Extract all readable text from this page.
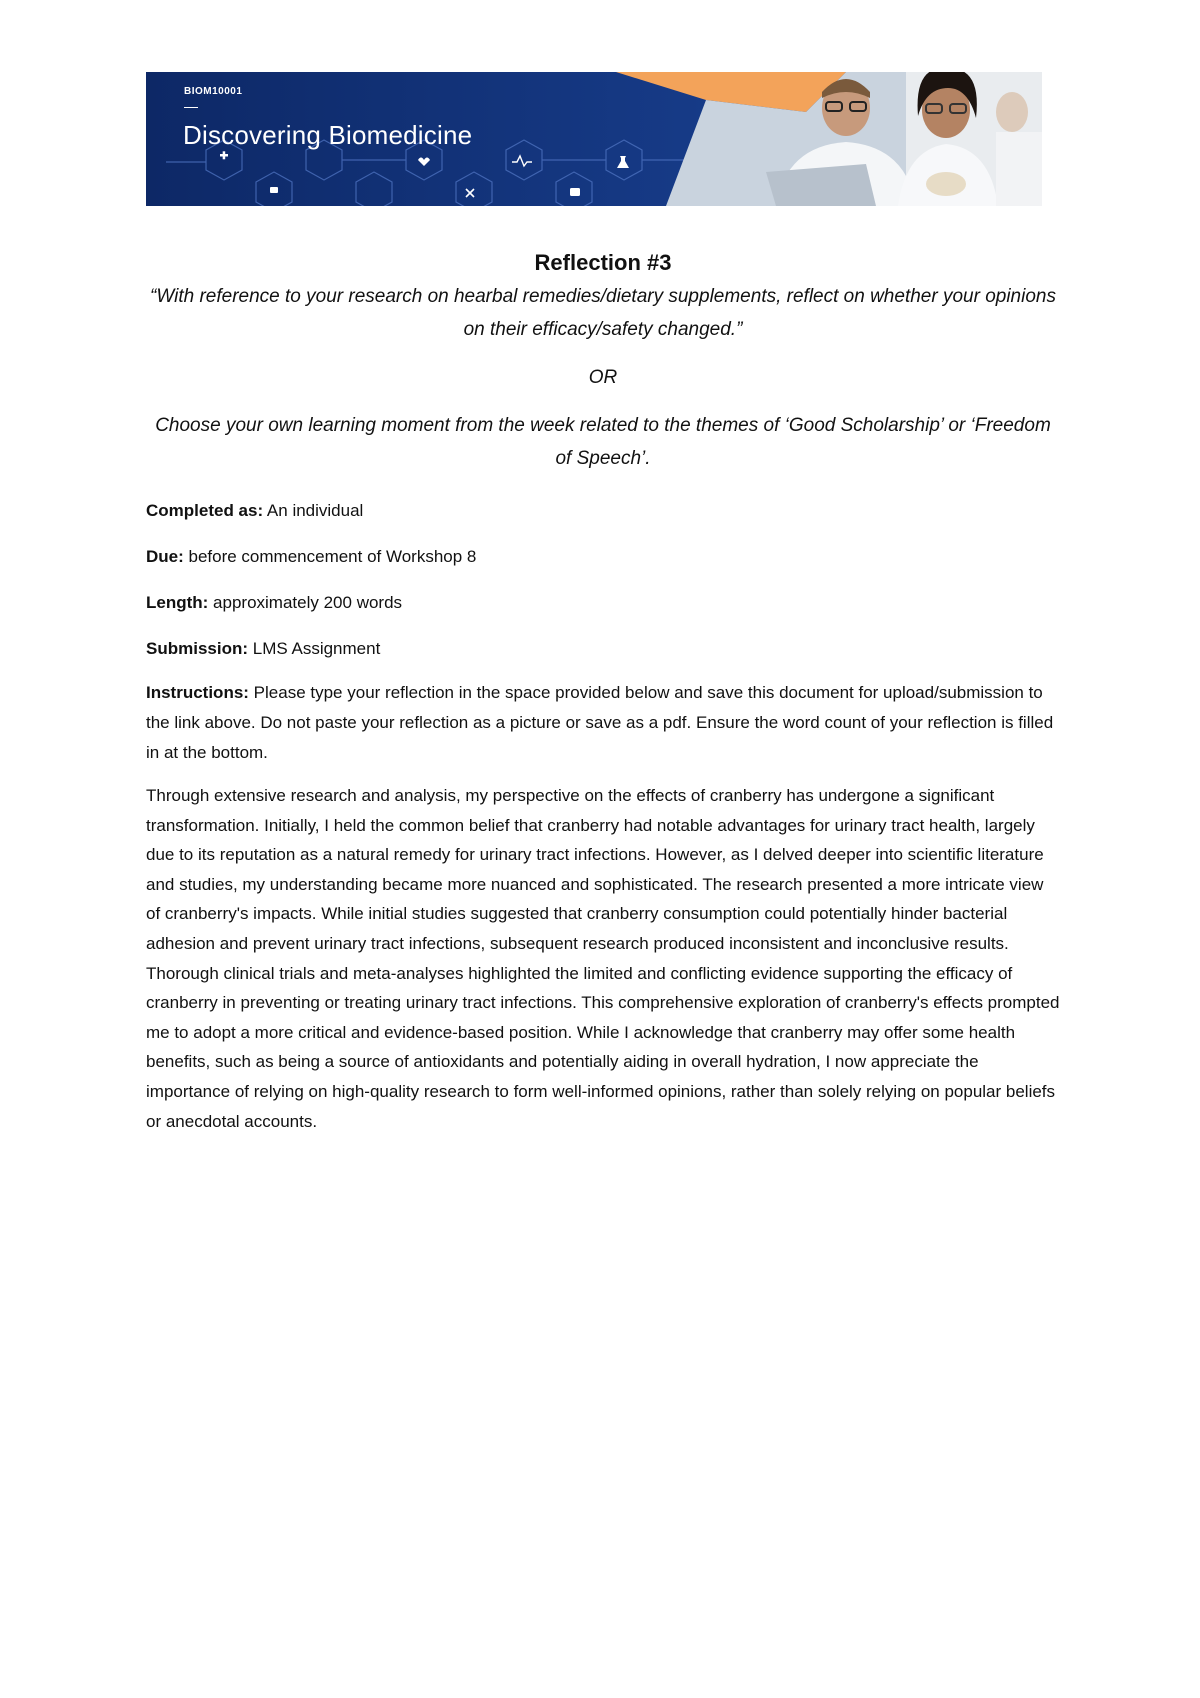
BIOM10001
Discovering Biomedicine

Reflection #3

“With reference to your research on hearbal remedies/dietary supplements, reflect on whether your opinions on their efficacy/safety changed.”

OR

Choose your own learning moment from the week related to the themes of ‘Good Scholarship’ or ‘Freedom of Speech’.

Completed as: An individual

Due: before commencement of Workshop 8

Length: approximately 200 words

Submission: LMS Assignment

Instructions: Please type your reflection in the space provided below and save this document for upload/submission to the link above. Do not paste your reflection as a picture or save as a pdf. Ensure the word count of your reflection is filled in at the bottom.

Through extensive research and analysis, my perspective on the effects of cranberry has undergone a significant transformation. Initially, I held the common belief that cranberry had notable advantages for urinary tract health, largely due to its reputation as a natural remedy for urinary tract infections. However, as I delved deeper into scientific literature and studies, my understanding became more nuanced and sophisticated. The research presented a more intricate view of cranberry's impacts. While initial studies suggested that cranberry consumption could potentially hinder bacterial adhesion and prevent urinary tract infections, subsequent research produced inconsistent and inconclusive results. Thorough clinical trials and meta-analyses highlighted the limited and conflicting evidence supporting the efficacy of cranberry in preventing or treating urinary tract infections. This comprehensive exploration of cranberry's effects prompted me to adopt a more critical and evidence-based position. While I acknowledge that cranberry may offer some health benefits, such as being a source of antioxidants and potentially aiding in overall hydration, I now appreciate the importance of relying on high-quality research to form well-informed opinions, rather than solely relying on popular beliefs or anecdotal accounts.
